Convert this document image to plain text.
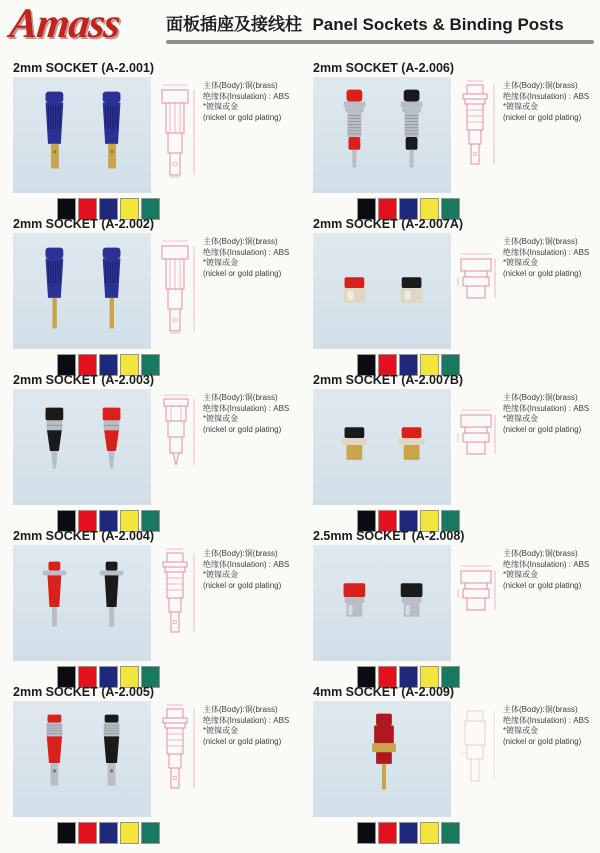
Amass	面板插座及接线柱 Panel Sockets & Binding Posts
2mm SOCKET (A-2.001)
主体(Body):铜(brass)
绝缘体(Insulation) : ABS
*镀镍或金
(nickel or gold plating)
2mm SOCKET (A-2.006)
主体(Body):铜(brass)
绝缘体(Insulation) : ABS
*镀镍或金
(nickel or gold plating)
2mm SOCKET (A-2.002)
主体(Body):铜(brass)
绝缘体(Insulation) : ABS
*镀镍或金
(nickel or gold plating)
2mm SOCKET (A-2.007A)
主体(Body):铜(brass)
绝缘体(Insulation) : ABS
*镀镍或金
(nickel or gold plating)
2mm SOCKET (A-2.003)
主体(Body):铜(brass)
绝缘体(Insulation) : ABS
*镀镍或金
(nickel or gold plating)
2mm SOCKET (A-2.007B)
主体(Body):铜(brass)
绝缘体(Insulation) : ABS
*镀镍或金
(nickel or gold plating)
2mm SOCKET (A-2.004)
主体(Body):铜(brass)
绝缘体(Insulation) : ABS
*镀镍或金
(nickel or gold plating)
2.5mm SOCKET (A-2.008)
主体(Body):铜(brass)
绝缘体(Insulation) : ABS
*镀镍或金
(nickel or gold plating)
2mm SOCKET (A-2.005)
主体(Body):铜(brass)
绝缘体(Insulation) : ABS
*镀镍或金
(nickel or gold plating)
4mm SOCKET (A-2.009)
主体(Body):铜(brass)
绝缘体(Insulation) : ABS
*镀镍或金
(nickel or gold plating)
